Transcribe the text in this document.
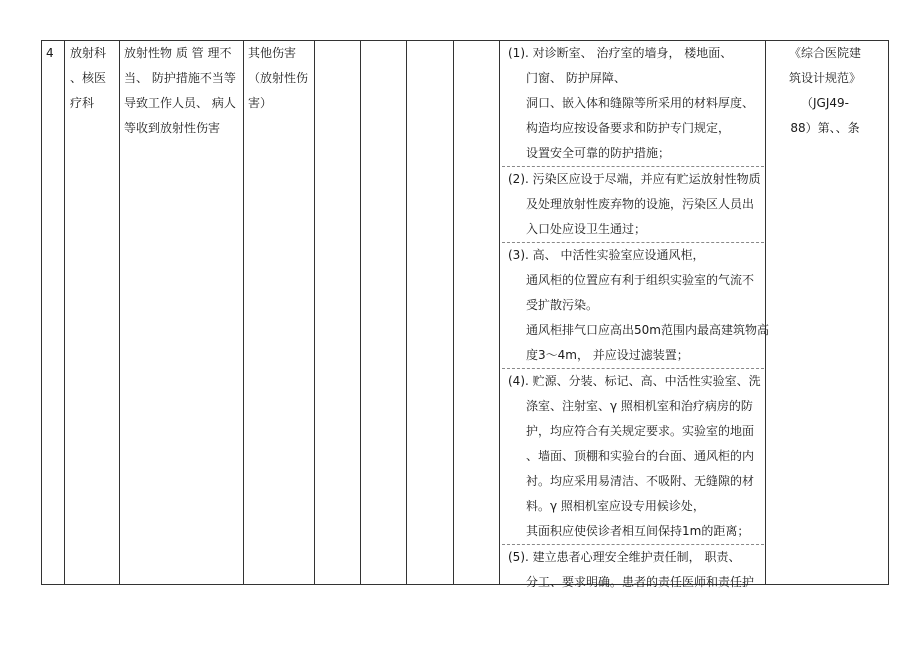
4	放射科
、核医
疗科
放射性物 质 管 理不
当、 防护措施不当等
导致工作人员、 病人
等收到放射性伤害
其他伤害
（放射性伤
害）
(1). 对诊断室、 治疗室的墙身， 楼地面、
门窗、 防护屏障、
洞口、嵌入体和缝隙等所采用的材料厚度、
构造均应按设备要求和防护专门规定，
设置安全可靠的防护措施；
(2). 污染区应设于尽端，并应有贮运放射性物质
及处理放射性废弃物的设施，污染区人员出
入口处应设卫生通过；
(3). 高、 中活性实验室应设通风柜，
通风柜的位置应有利于组织实验室的气流不
受扩散污染。
通风柜排气口应高出50m范围内最高建筑物高
度3～4m， 并应设过滤装置；
(4). 贮源、分装、标记、高、中活性实验室、洗
涤室、注射室、γ 照相机室和治疗病房的防
护，均应符合有关规定要求。实验室的地面
、墙面、顶棚和实验台的台面、通风柜的内
衬。均应采用易清洁、不吸附、无缝隙的材
料。γ 照相机室应设专用候诊处，
其面积应使侯诊者相互间保持1m的距离；
(5). 建立患者心理安全维护责任制， 职责、
分工、要求明确。患者的责任医师和责任护
《综合医院建
筑设计规范》
（JGJ49-
88）第、、条
